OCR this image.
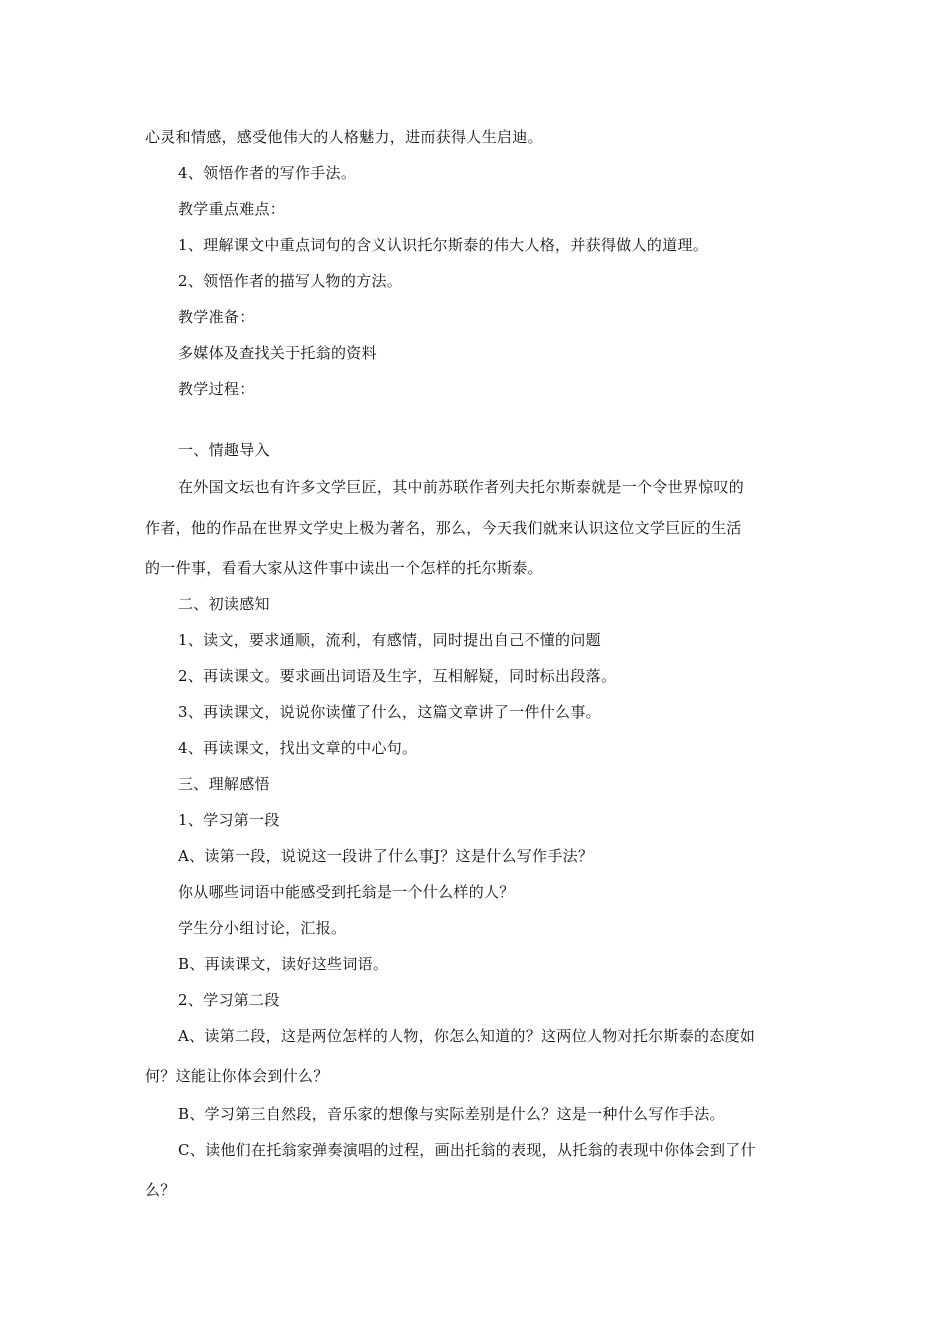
心灵和情感，感受他伟大的人格魅力，进而获得人生启迪。
4、领悟作者的写作手法。
教学重点难点：
1、理解课文中重点词句的含义认识托尔斯泰的伟大人格，并获得做人的道理。
2、领悟作者的描写人物的方法。
教学准备：
多媒体及查找关于托翁的资料
教学过程：
一、情趣导入
在外国文坛也有许多文学巨匠，其中前苏联作者列夫托尔斯泰就是一个令世界惊叹的
作者，他的作品在世界文学史上极为著名，那么，今天我们就来认识这位文学巨匠的生活
的一件事，看看大家从这件事中读出一个怎样的托尔斯泰。
二、初读感知
1、读文，要求通顺，流利，有感情，同时提出自己不懂的问题
2、再读课文。要求画出词语及生字，互相解疑，同时标出段落。
3、再读课文，说说你读懂了什么，这篇文章讲了一件什么事。
4、再读课文，找出文章的中心句。
三、理解感悟
1、学习第一段
A、读第一段，说说这一段讲了什么事J？这是什么写作手法？
你从哪些词语中能感受到托翁是一个什么样的人？
学生分小组讨论，汇报。
B、再读课文，读好这些词语。
2、学习第二段
A、读第二段，这是两位怎样的人物，你怎么知道的？这两位人物对托尔斯泰的态度如
何？这能让你体会到什么？
B、学习第三自然段，音乐家的想像与实际差别是什么？这是一种什么写作手法。
C、读他们在托翁家弹奏演唱的过程，画出托翁的表现，从托翁的表现中你体会到了什
么？
